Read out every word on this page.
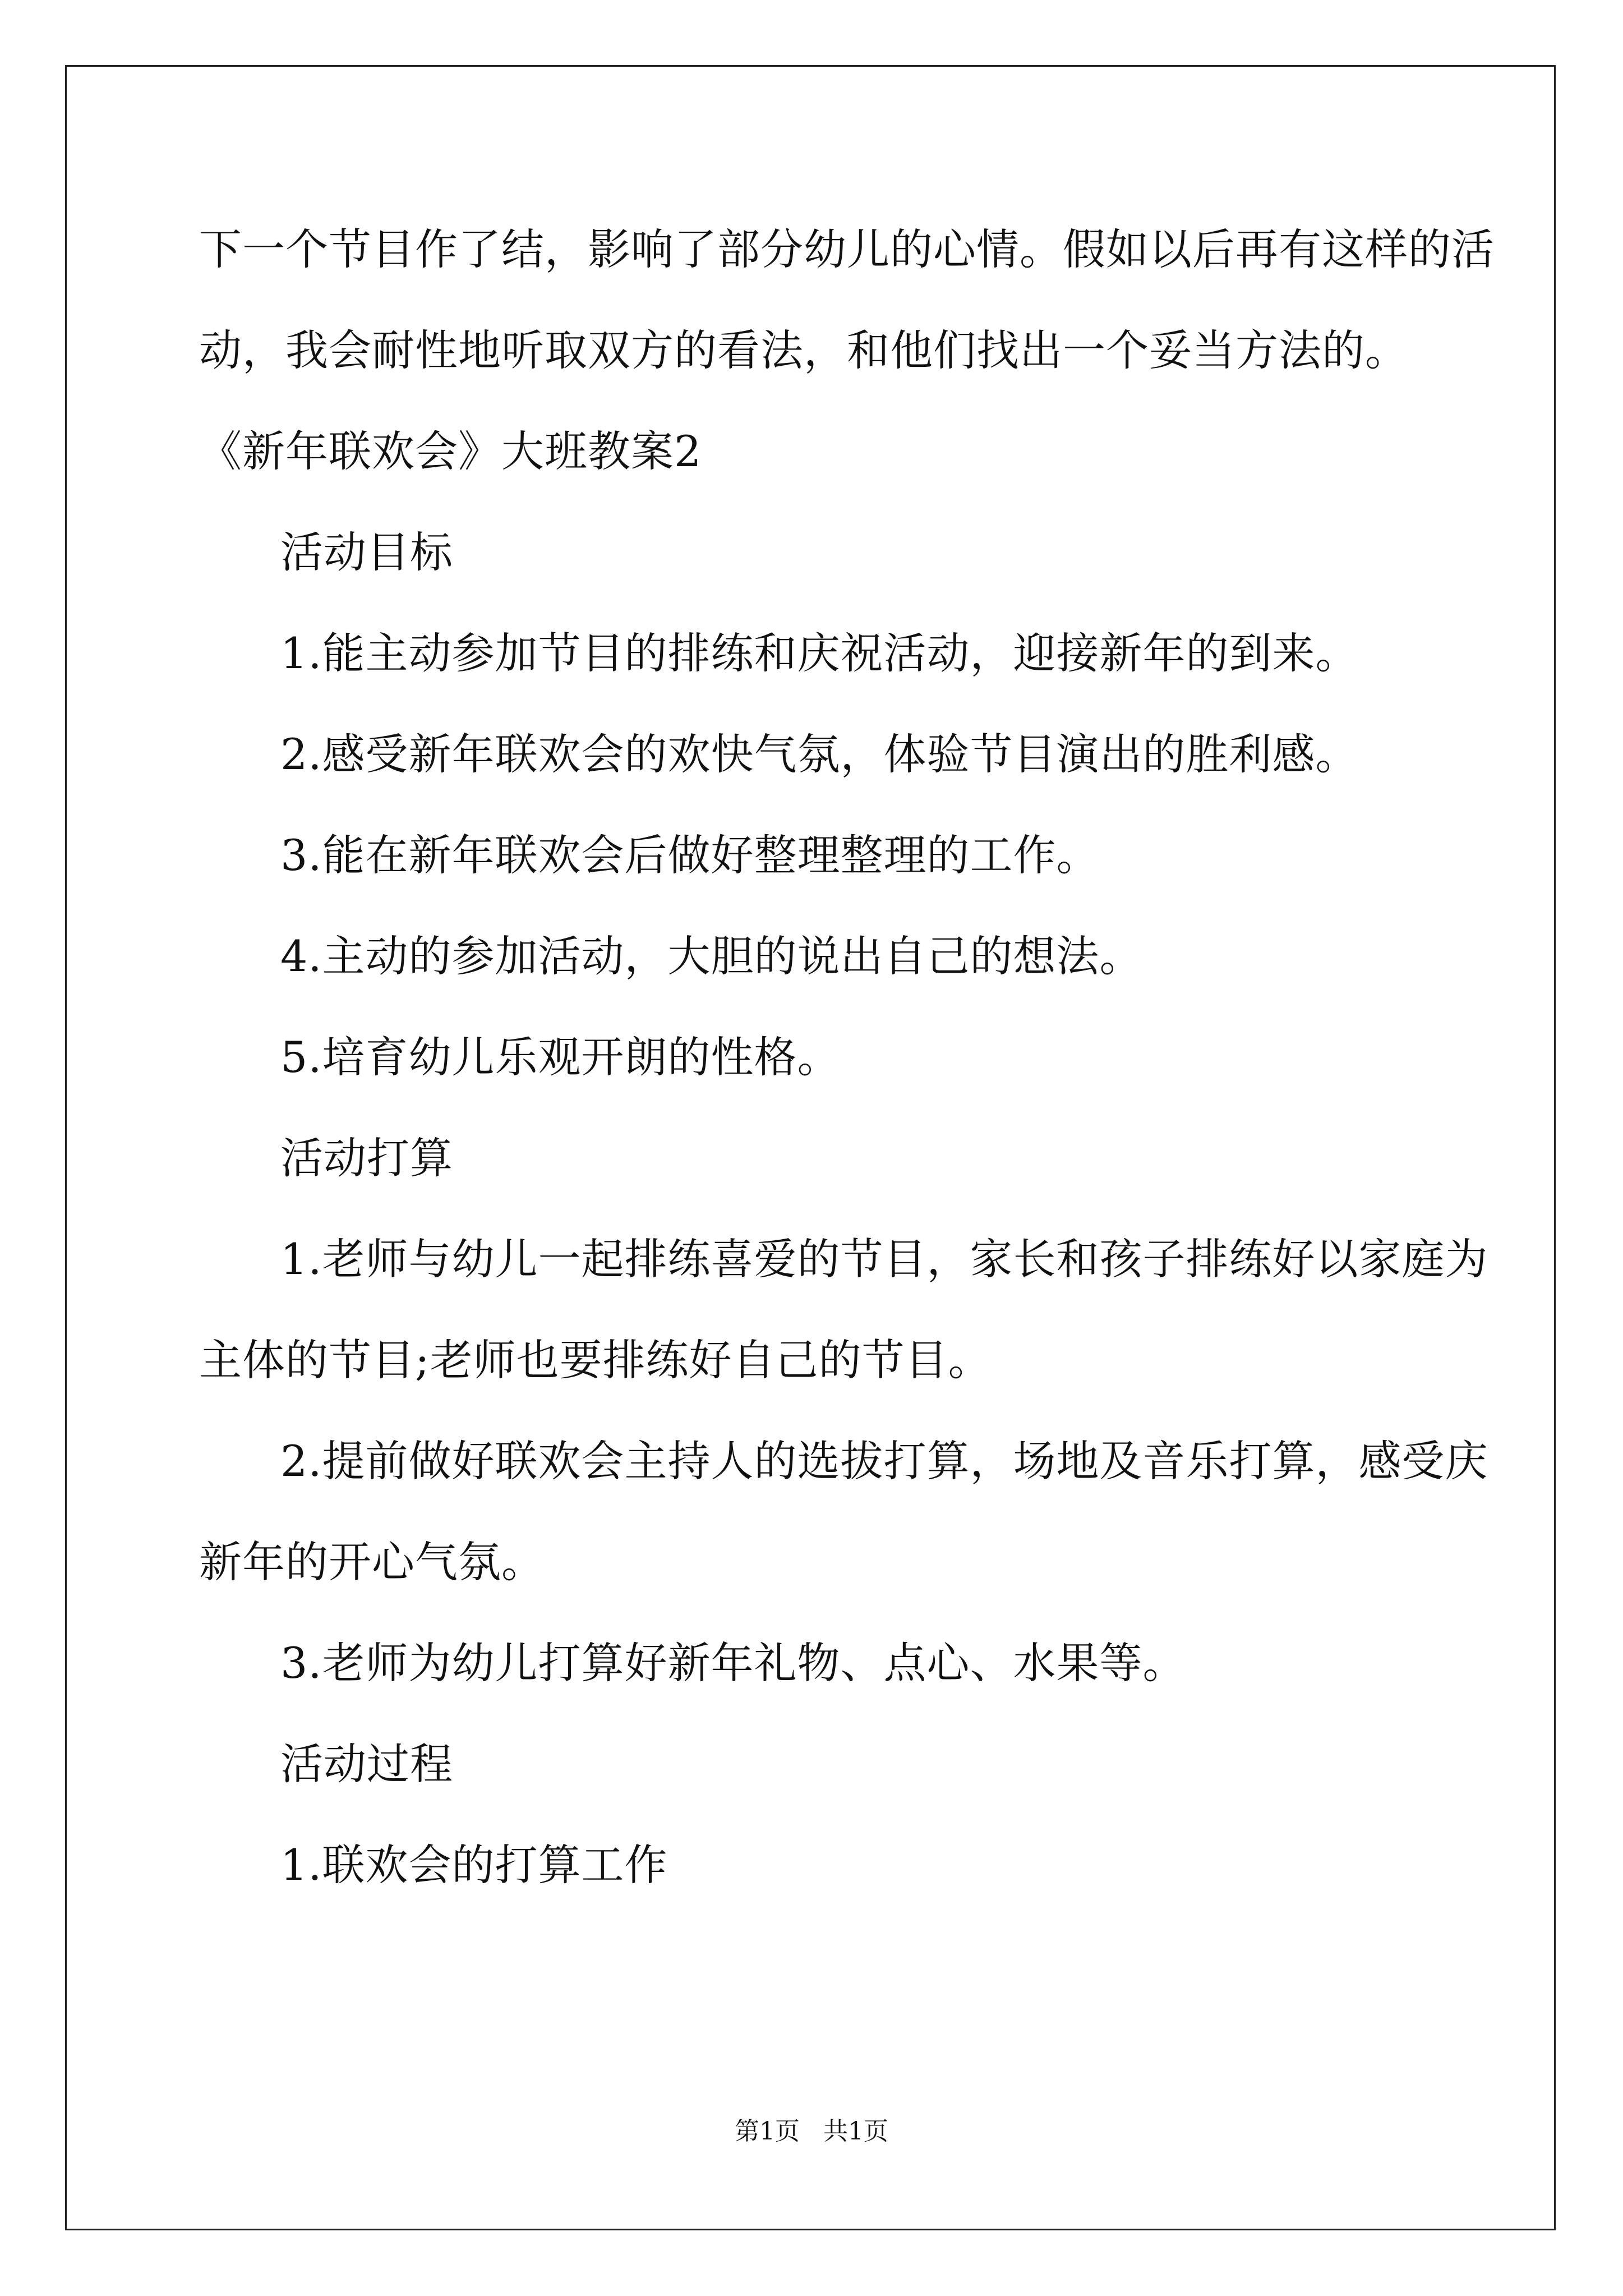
下一个节目作了结，影响了部分幼儿的心情。假如以后再有这样的活

动，我会耐性地听取双方的看法，和他们找出一个妥当方法的。

《新年联欢会》大班教案2

活动目标

1.能主动参加节目的排练和庆祝活动，迎接新年的到来。

2.感受新年联欢会的欢快气氛，体验节目演出的胜利感。

3.能在新年联欢会后做好整理整理的工作。

4.主动的参加活动，大胆的说出自己的想法。

5.培育幼儿乐观开朗的性格。

活动打算

1.老师与幼儿一起排练喜爱的节目，家长和孩子排练好以家庭为

主体的节目;老师也要排练好自己的节目。

2.提前做好联欢会主持人的选拔打算，场地及音乐打算，感受庆

新年的开心气氛。

3.老师为幼儿打算好新年礼物、点心、水果等。

活动过程

1.联欢会的打算工作

第1页   共1页
